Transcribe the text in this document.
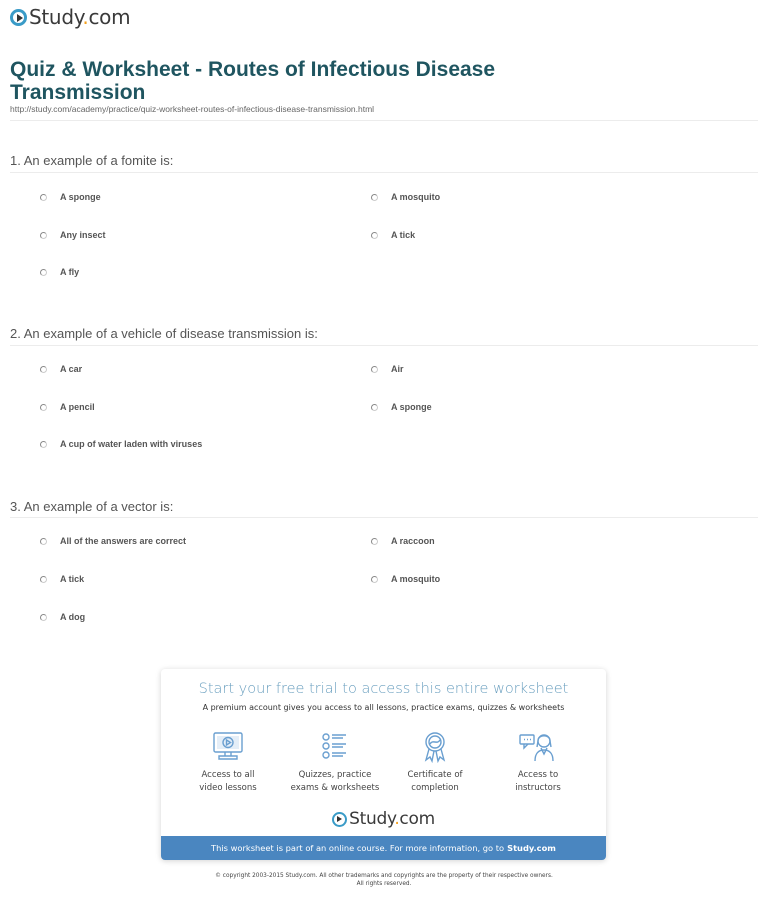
Study.com
Quiz & Worksheet - Routes of Infectious Disease Transmission
http://study.com/academy/practice/quiz-worksheet-routes-of-infectious-disease-transmission.html
1. An example of a fomite is:
A sponge	A mosquito
Any insect	A tick
A fly
2. An example of a vehicle of disease transmission is:
A car	Air
A pencil	A sponge
A cup of water laden with viruses
3. An example of a vector is:
All of the answers are correct	A raccoon
A tick	A mosquito
A dog
Start your free trial to access this entire worksheet
A premium account gives you access to all lessons, practice exams, quizzes & worksheets
Access to all
video lessons
Quizzes, practice
exams & worksheets
Certificate of
completion
Access to
instructors
Study.com
This worksheet is part of an online course. For more information, go to Study.com
© copyright 2003-2015 Study.com. All other trademarks and copyrights are the property of their respective owners.
All rights reserved.
